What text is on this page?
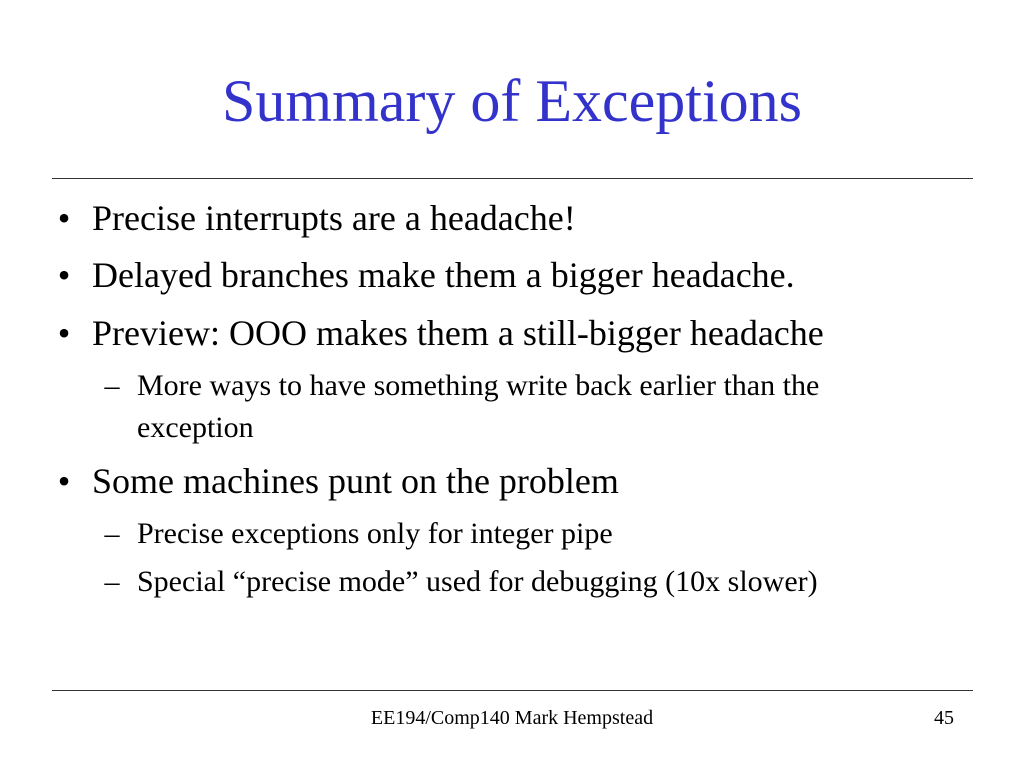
Summary of Exceptions
• Precise interrupts are a headache!
• Delayed branches make them a bigger headache.
• Preview: OOO makes them a still-bigger headache
– More ways to have something write back earlier than the exception
• Some machines punt on the problem
– Precise exceptions only for integer pipe
– Special “precise mode” used for debugging (10x slower)
EE194/Comp140 Mark Hempstead	45
